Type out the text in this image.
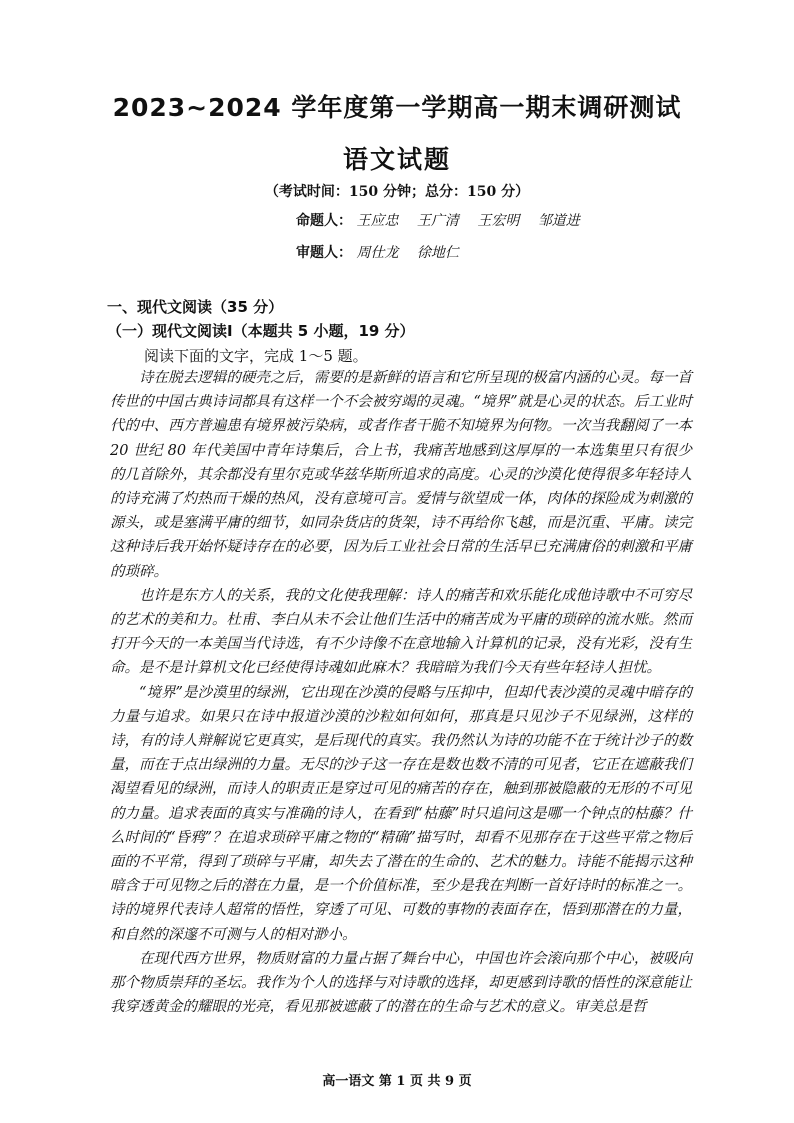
2023~2024 学年度第一学期高一期末调研测试
语文试题
（考试时间：150 分钟；总分：150 分）
命题人： 王应忠 王广清 王宏明 邹道进
审题人： 周仕龙 徐地仁
一、现代文阅读（35 分）
（一）现代文阅读Ⅰ（本题共 5 小题，19 分）
阅读下面的文字，完成 1～5 题。

诗在脱去逻辑的硬壳之后，需要的是新鲜的语言和它所呈现的极富内涵的心灵。每一首传世的中国古典诗词都具有这样一个不会被穷竭的灵魂。“境界”就是心灵的状态。后工业时代的中、西方普遍患有境界被污染病，或者作者干脆不知境界为何物。一次当我翻阅了一本 20 世纪 80 年代美国中青年诗集后，合上书，我痛苦地感到这厚厚的一本选集里只有很少的几首除外，其余都没有里尔克或华兹华斯所追求的高度。心灵的沙漠化使得很多年轻诗人的诗充满了灼热而干燥的热风，没有意境可言。爱情与欲望成一体，肉体的探险成为刺激的源头，或是塞满平庸的细节，如同杂货店的货架，诗不再给你飞越，而是沉重、平庸。读完这种诗后我开始怀疑诗存在的必要，因为后工业社会日常的生活早已充满庸俗的刺激和平庸的琐碎。

也许是东方人的关系，我的文化使我理解：诗人的痛苦和欢乐能化成他诗歌中不可穷尽的艺术的美和力。杜甫、李白从未不会让他们生活中的痛苦成为平庸的琐碎的流水账。然而打开今天的一本美国当代诗选，有不少诗像不在意地输入计算机的记录，没有光彩，没有生命。是不是计算机文化已经使得诗魂如此麻木？我暗暗为我们今天有些年轻诗人担忧。

“境界”是沙漠里的绿洲，它出现在沙漠的侵略与压抑中，但却代表沙漠的灵魂中暗存的力量与追求。如果只在诗中报道沙漠的沙粒如何如何，那真是只见沙子不见绿洲，这样的诗，有的诗人辩解说它更真实，是后现代的真实。我仍然认为诗的功能不在于统计沙子的数量，而在于点出绿洲的力量。无尽的沙子这一存在是数也数不清的可见者，它正在遮蔽我们渴望看见的绿洲，而诗人的职责正是穿过可见的痛苦的存在，触到那被隐蔽的无形的不可见的力量。追求表面的真实与准确的诗人，在看到“枯藤”时只追问这是哪一个钟点的枯藤？什么时间的“昏鸦”？在追求琐碎平庸之物的“精确”描写时，却看不见那存在于这些平常之物后面的不平常，得到了琐碎与平庸，却失去了潜在的生命的、艺术的魅力。诗能不能揭示这种暗含于可见物之后的潜在力量，是一个价值标准，至少是我在判断一首好诗时的标准之一。诗的境界代表诗人超常的悟性，穿透了可见、可数的事物的表面存在，悟到那潜在的力量，和自然的深邃不可测与人的相对渺小。

在现代西方世界，物质财富的力量占据了舞台中心，中国也许会滚向那个中心，被吸向那个物质崇拜的圣坛。我作为个人的选择与对诗歌的选择，却更感到诗歌的悟性的深意能让我穿透黄金的耀眼的光亮，看见那被遮蔽了的潜在的生命与艺术的意义。审美总是哲

高一语文 第 1 页 共 9 页
